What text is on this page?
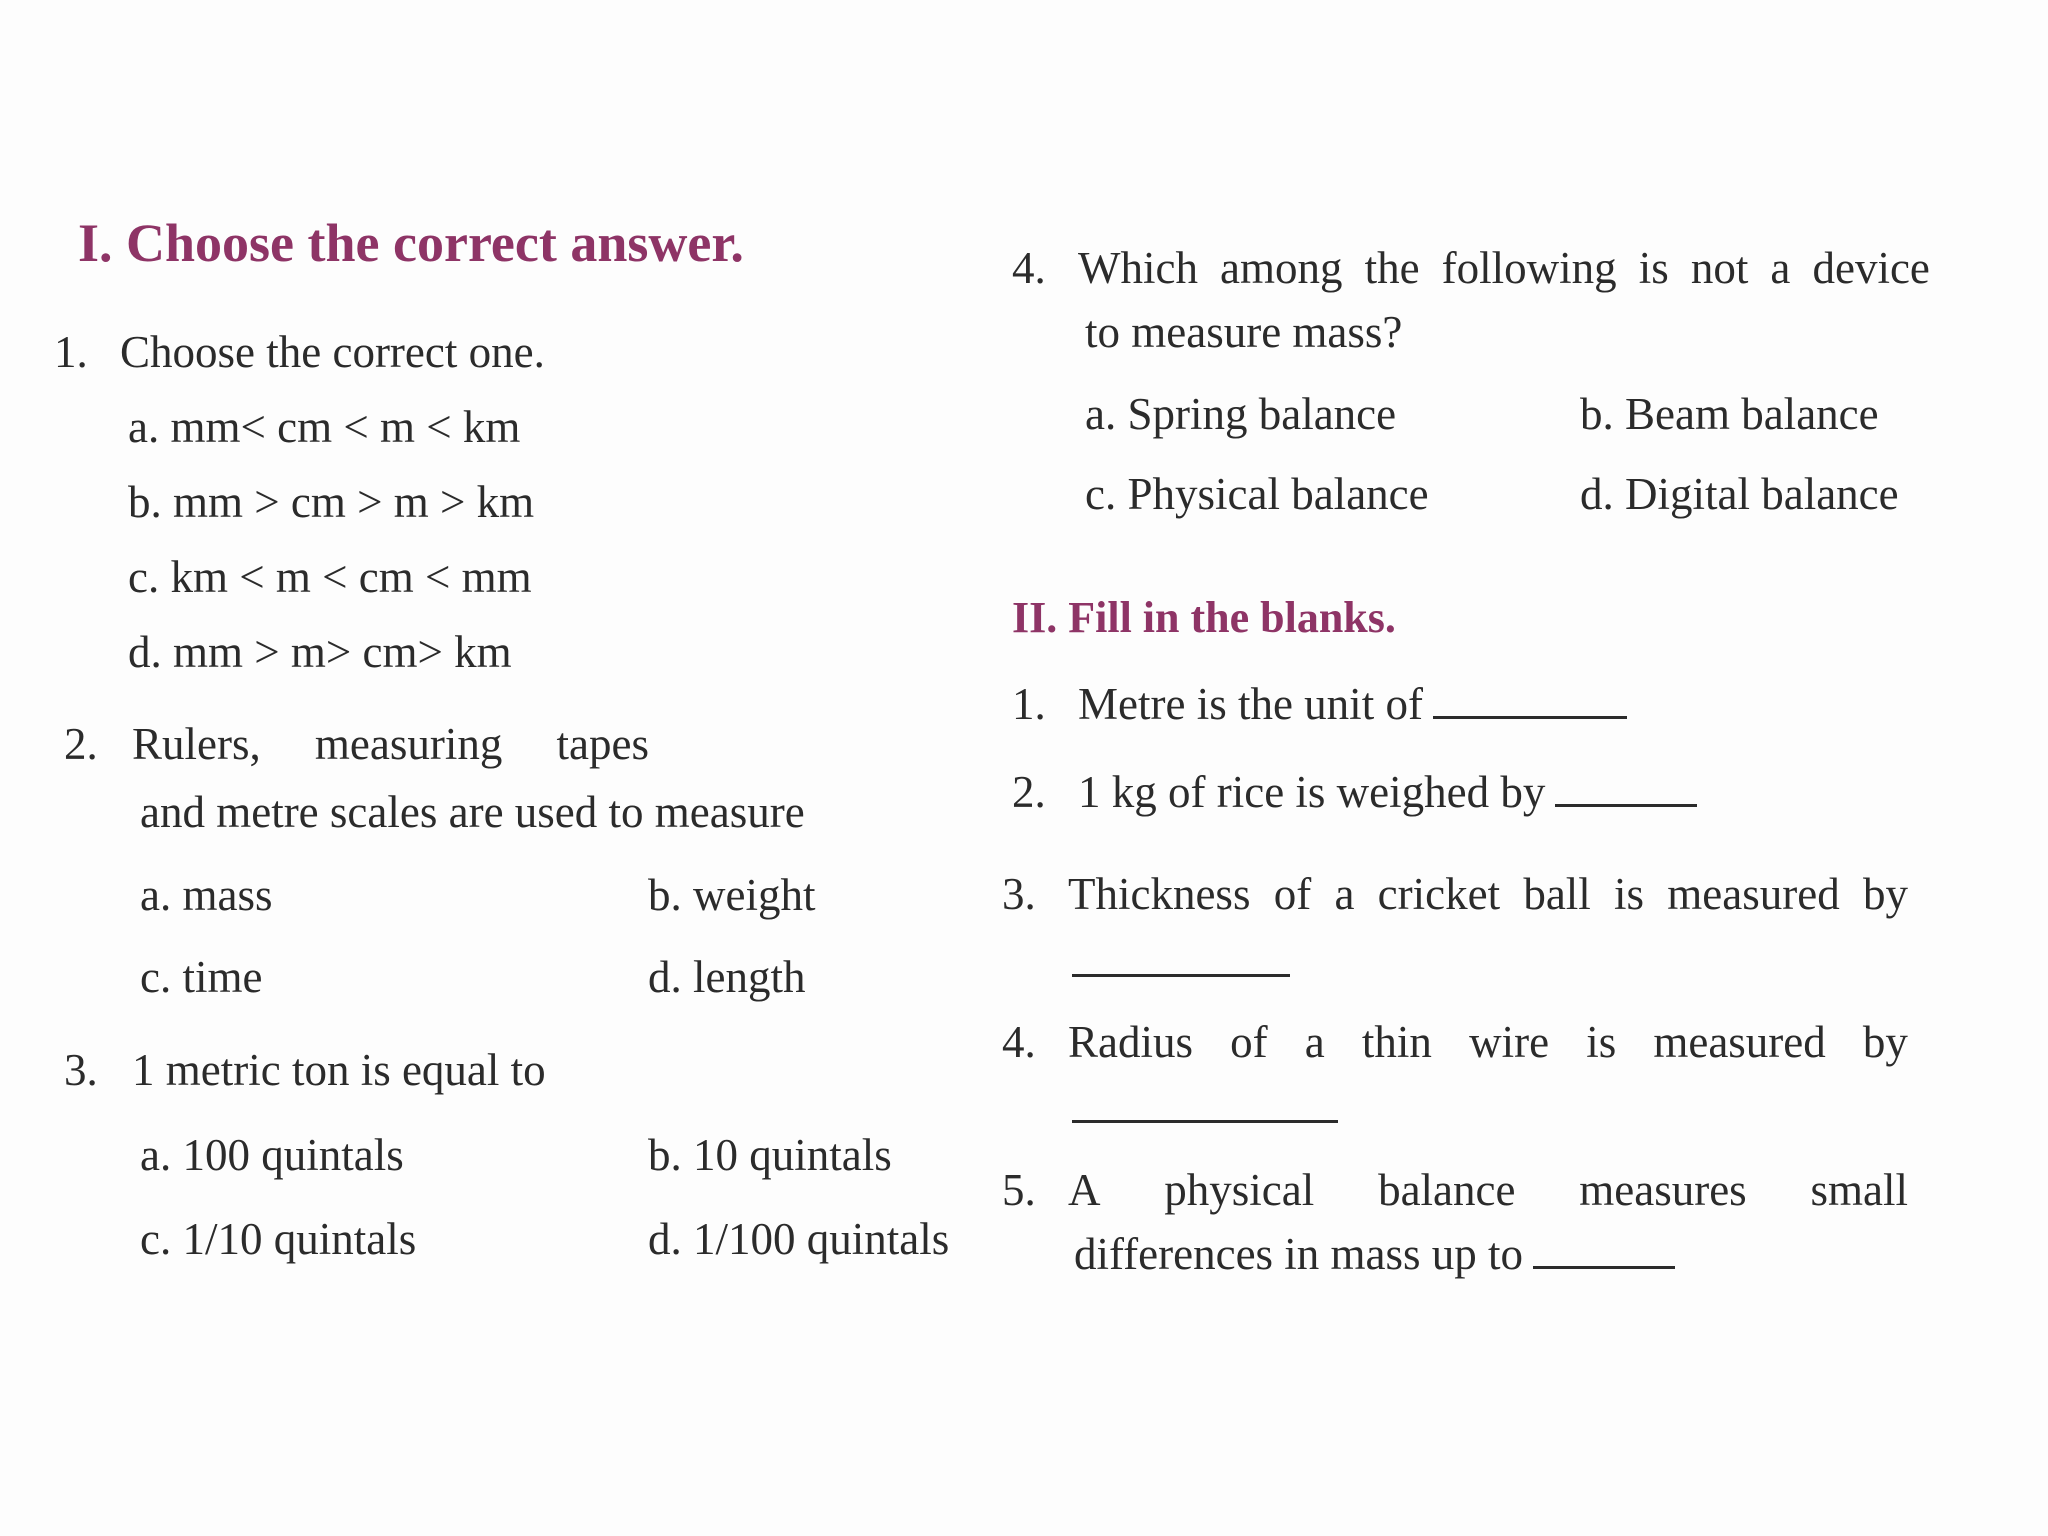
I. Choose the correct answer.
1. Choose the correct one.
a. mm< cm < m < km
b. mm > cm > m > km
c. km < m < cm < mm
d. mm > m> cm> km
2. Rulers, measuring tapes
and metre scales are used to measure
a. mass	b. weight
c. time	d. length
3. 1 metric ton is equal to
a. 100 quintals	b. 10 quintals
c. 1/10 quintals	d. 1/100 quintals
4. Which among the following is not a device
to measure mass?
a. Spring balance	b. Beam balance
c. Physical balance	d. Digital balance
II. Fill in the blanks.
1. Metre is the unit of
2. 1 kg of rice is weighed by
3. Thickness of a cricket ball is measured by
4. Radius of a thin wire is measured by
5. A physical balance measures small
differences in mass up to
